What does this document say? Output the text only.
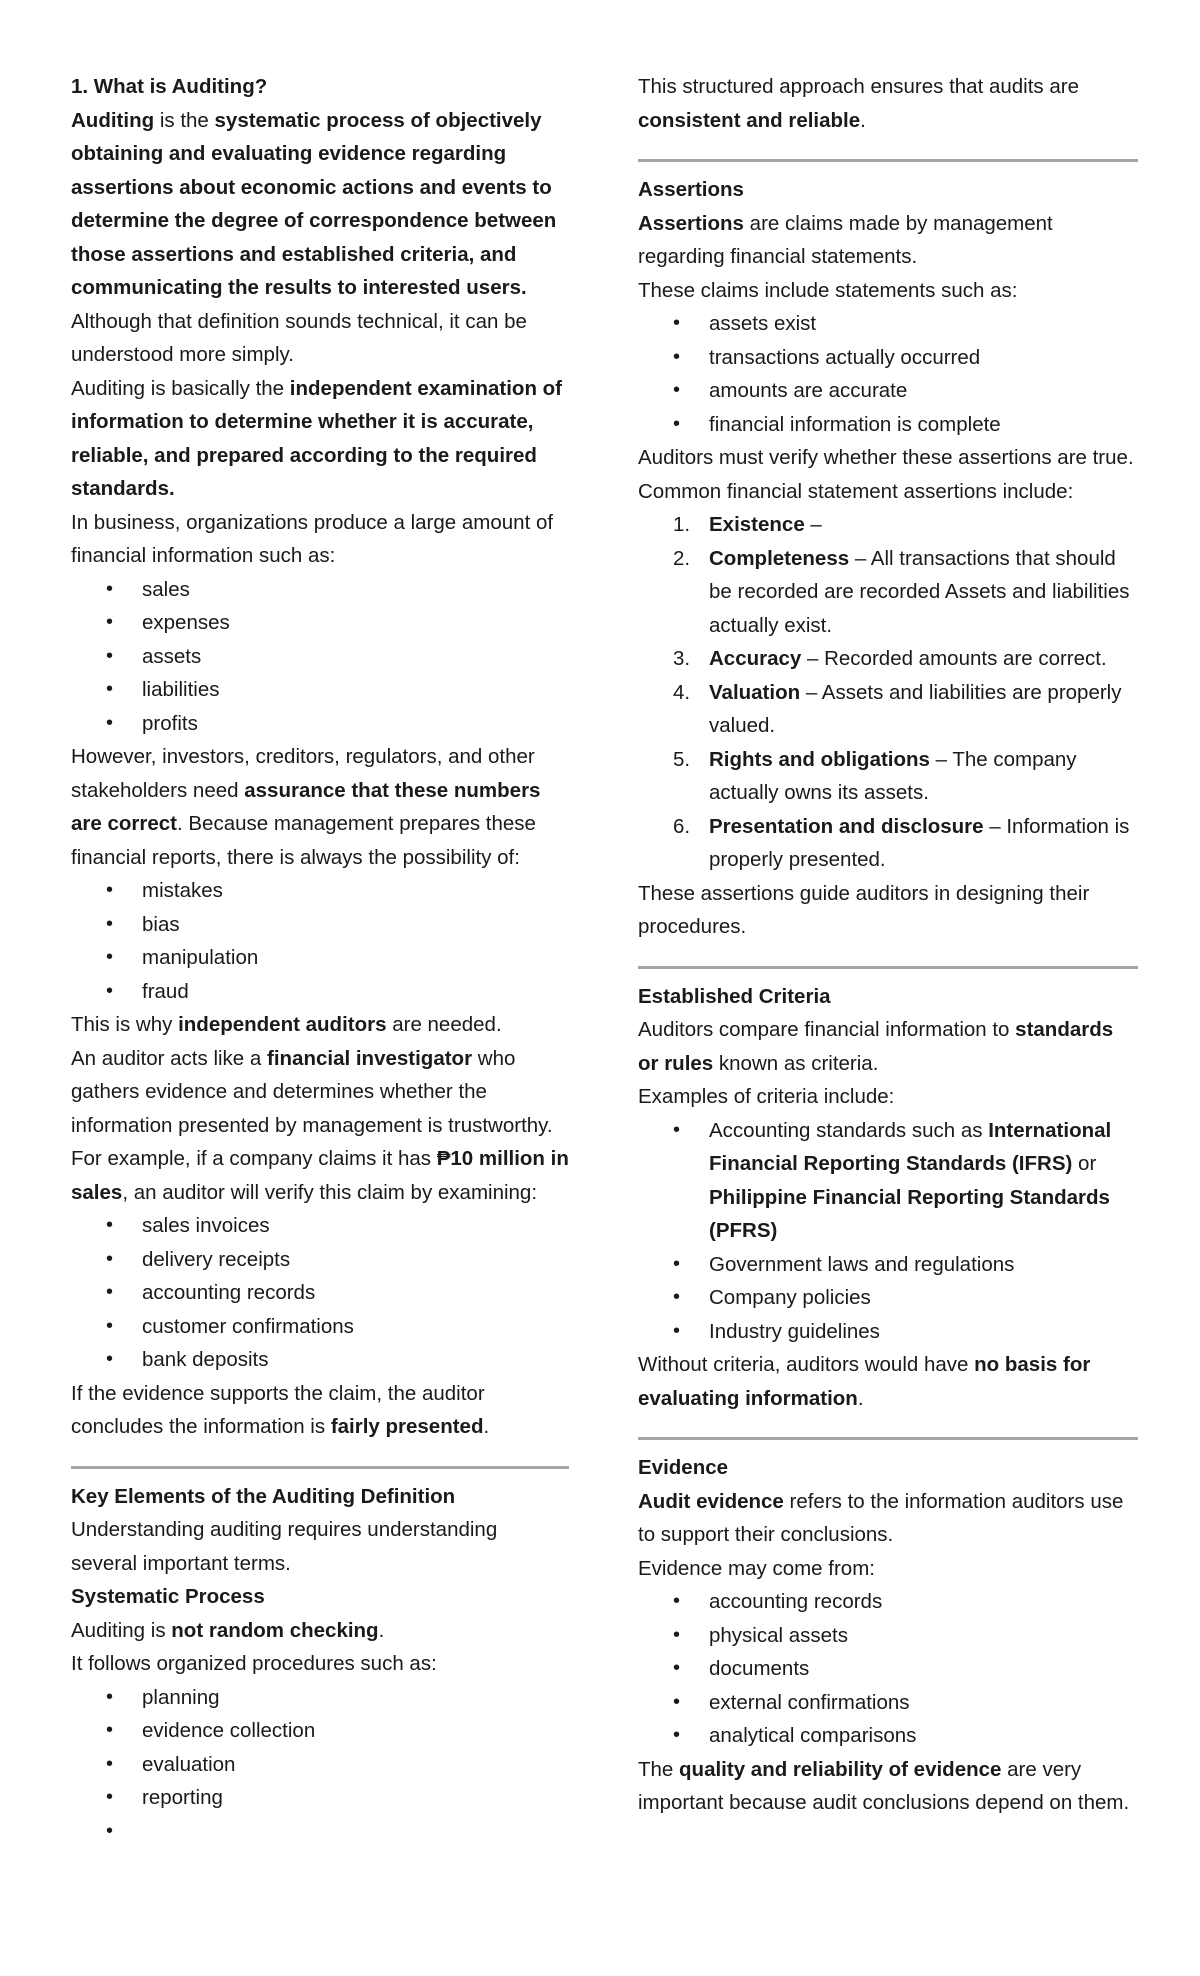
1. What is Auditing?

Auditing is the systematic process of objectively obtaining and evaluating evidence regarding assertions about economic actions and events to determine the degree of correspondence between those assertions and established criteria, and communicating the results to interested users.

Although that definition sounds technical, it can be understood more simply.

Auditing is basically the independent examination of information to determine whether it is accurate, reliable, and prepared according to the required standards.

In business, organizations produce a large amount of financial information such as:

• sales
• expenses
• assets
• liabilities
• profits

However, investors, creditors, regulators, and other stakeholders need assurance that these numbers are correct. Because management prepares these financial reports, there is always the possibility of:

• mistakes
• bias
• manipulation
• fraud

This is why independent auditors are needed.

An auditor acts like a financial investigator who gathers evidence and determines whether the information presented by management is trustworthy.

For example, if a company claims it has ₱10 million in sales, an auditor will verify this claim by examining:

• sales invoices
• delivery receipts
• accounting records
• customer confirmations
• bank deposits

If the evidence supports the claim, the auditor concludes the information is fairly presented.

Key Elements of the Auditing Definition

Understanding auditing requires understanding several important terms.

Systematic Process

Auditing is not random checking.

It follows organized procedures such as:

• planning
• evidence collection
• evaluation
• reporting
•

This structured approach ensures that audits are consistent and reliable.

Assertions

Assertions are claims made by management regarding financial statements.

These claims include statements such as:

• assets exist
• transactions actually occurred
• amounts are accurate
• financial information is complete

Auditors must verify whether these assertions are true.

Common financial statement assertions include:

1. Existence –
2. Completeness – All transactions that should be recorded are recorded Assets and liabilities actually exist.
3. Accuracy – Recorded amounts are correct.
4. Valuation – Assets and liabilities are properly valued.
5. Rights and obligations – The company actually owns its assets.
6. Presentation and disclosure – Information is properly presented.

These assertions guide auditors in designing their procedures.

Established Criteria

Auditors compare financial information to standards or rules known as criteria.

Examples of criteria include:

• Accounting standards such as International Financial Reporting Standards (IFRS) or Philippine Financial Reporting Standards (PFRS)
• Government laws and regulations
• Company policies
• Industry guidelines

Without criteria, auditors would have no basis for evaluating information.

Evidence

Audit evidence refers to the information auditors use to support their conclusions.

Evidence may come from:

• accounting records
• physical assets
• documents
• external confirmations
• analytical comparisons

The quality and reliability of evidence are very important because audit conclusions depend on them.
